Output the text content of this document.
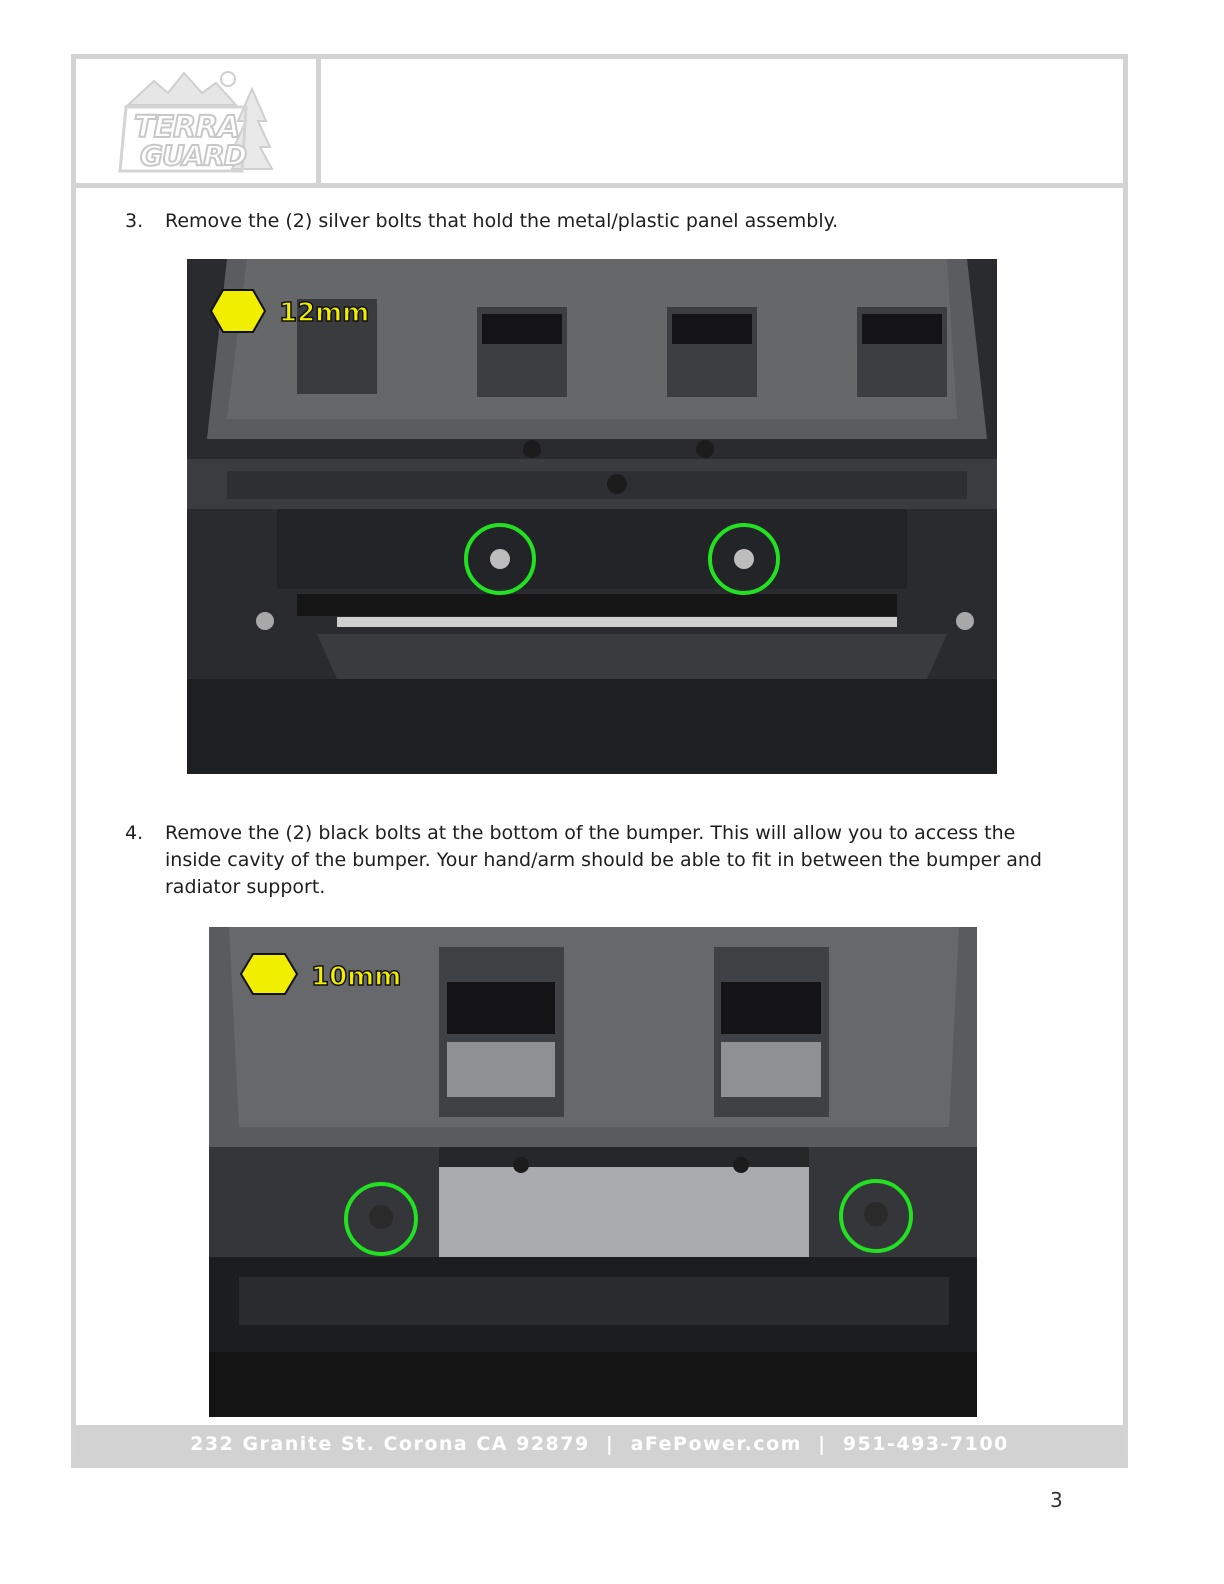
TERRA
GUARD
3. Remove the (2) silver bolts that hold the metal/plastic panel assembly.
12mm
4. Remove the (2) black bolts at the bottom of the bumper. This will allow you to access the inside cavity of the bumper. Your hand/arm should be able to fit in between the bumper and radiator support.
10mm
232 Granite St. Corona CA 92879  |  aFePower.com  |  951-493-7100
3
